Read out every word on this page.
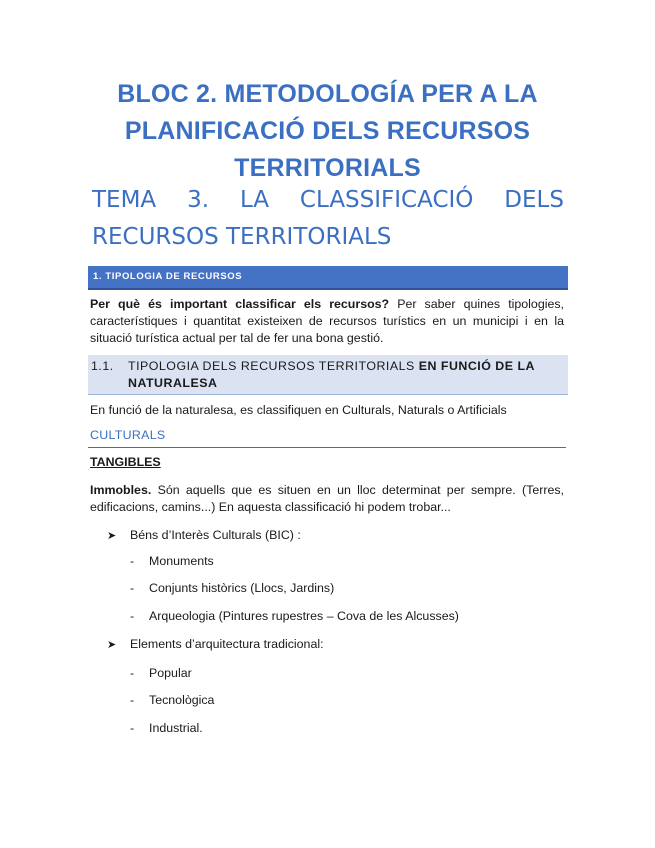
BLOC 2. METODOLOGÍA PER A LA
PLANIFICACIÓ DELS RECURSOS
TERRITORIALS
TEMA 3. LA CLASSIFICACIÓ DELS
RECURSOS TERRITORIALS
1. TIPOLOGIA DE RECURSOS
Per què és important classificar els recursos? Per saber quines tipologies, característiques i quantitat existeixen de recursos turístics en un municipi i en la situació turística actual per tal de fer una bona gestió.
1.1. TIPOLOGIA DELS RECURSOS TERRITORIALS EN FUNCIÓ DE LA NATURALESA
En funció de la naturalesa, es classifiquen en Culturals, Naturals o Artificials
CULTURALS
TANGIBLES
Immobles. Són aquells que es situen en un lloc determinat per sempre. (Terres, edificacions, camins...) En aquesta classificació hi podem trobar...
➤ Béns d’Interès Culturals (BIC) :
- Monuments
- Conjunts històrics (Llocs, Jardins)
- Arqueologia (Pintures rupestres – Cova de les Alcusses)
➤ Elements d’arquitectura tradicional:
- Popular
- Tecnològica
- Industrial.
